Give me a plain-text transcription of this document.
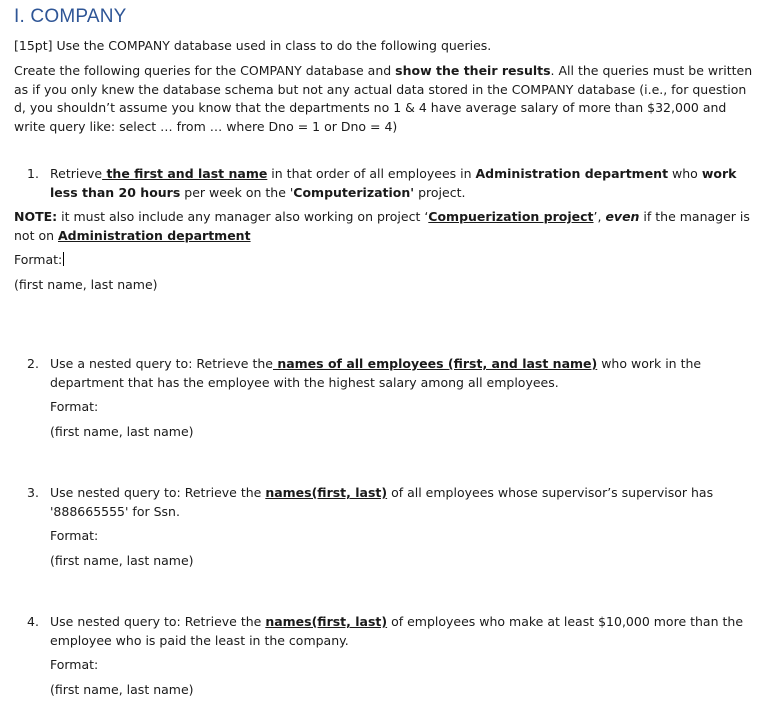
I. COMPANY
[15pt] Use the COMPANY database used in class to do the following queries.
Create the following queries for the COMPANY database and show the their results. All the queries must be written as if you only knew the database schema but not any actual data stored in the COMPANY database (i.e., for question d, you shouldn’t assume you know that the departments no 1 & 4 have average salary of more than $32,000 and write query like: select … from … where Dno = 1 or Dno = 4)
1. Retrieve the first and last name in that order of all employees in Administration department who work less than 20 hours per week on the 'Computerization' project.
NOTE: it must also include any manager also working on project ‘Compuerization project’, even if the manager is not on Administration department
Format:
(first name, last name)
2. Use a nested query to: Retrieve the names of all employees (first, and last name) who work in the department that has the employee with the highest salary among all employees.
Format:
(first name, last name)
3. Use nested query to: Retrieve the names(first, last) of all employees whose supervisor’s supervisor has '888665555' for Ssn.
Format:
(first name, last name)
4. Use nested query to: Retrieve the names(first, last) of employees who make at least $10,000 more than the employee who is paid the least in the company.
Format:
(first name, last name)
